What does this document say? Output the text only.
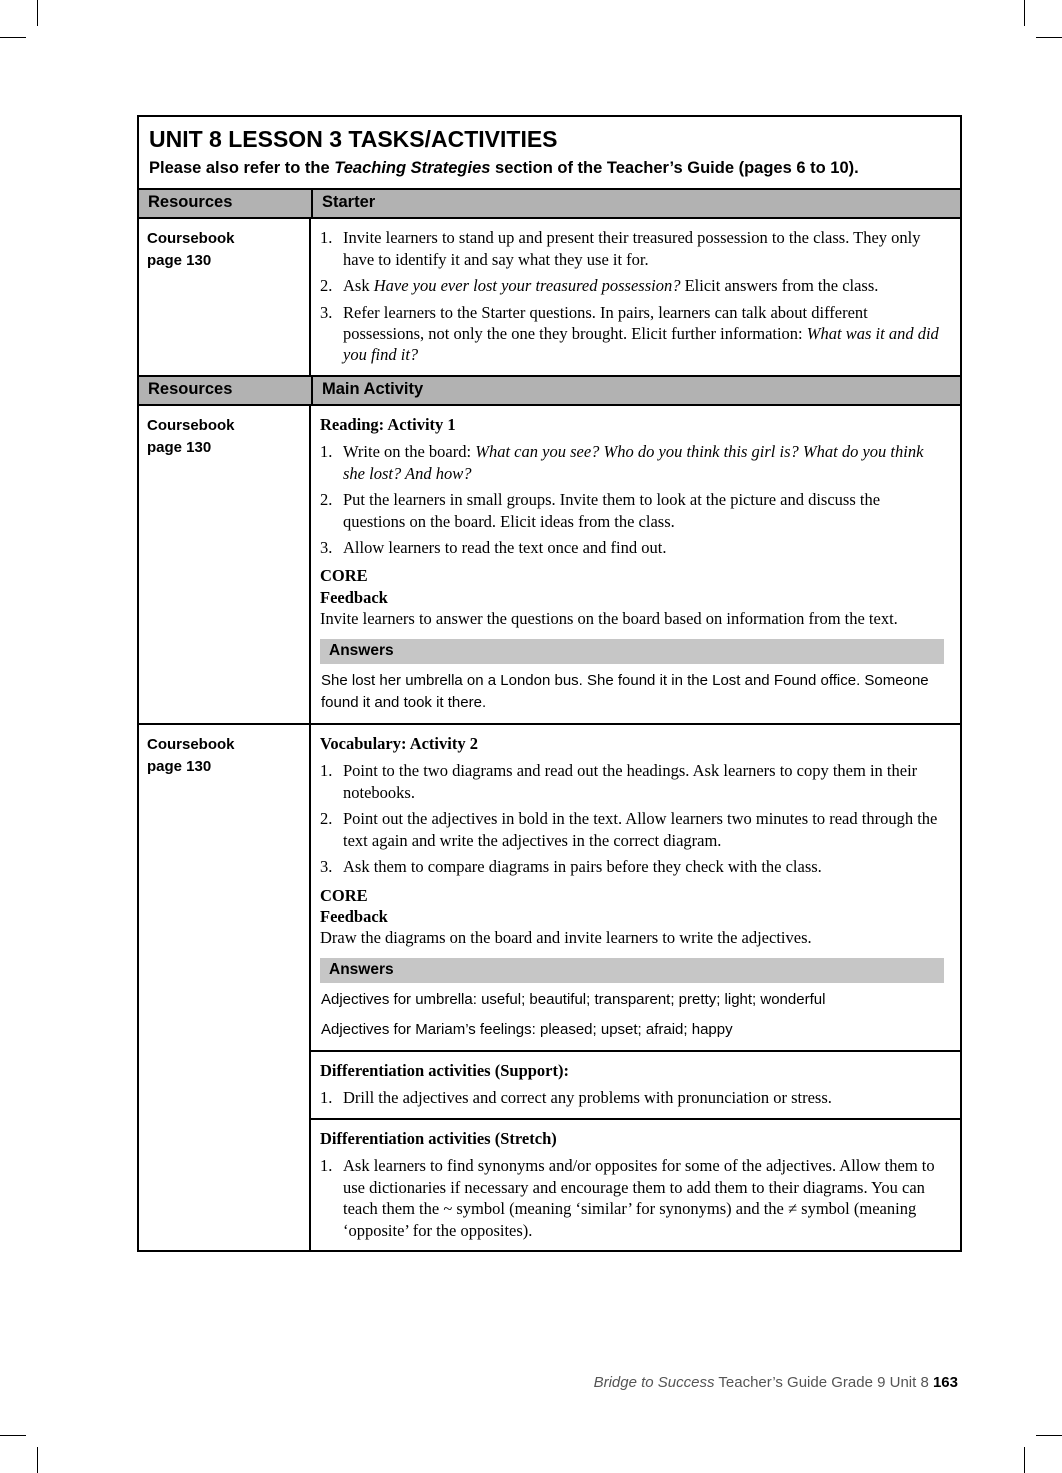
UNIT 8 LESSON 3 TASKS/ACTIVITIES
Please also refer to the Teaching Strategies section of the Teacher’s Guide (pages 6 to 10).
Resources	Starter
Coursebook
page 130
1. Invite learners to stand up and present their treasured possession to the class. They only have to identify it and say what they use it for.
2. Ask Have you ever lost your treasured possession? Elicit answers from the class.
3. Refer learners to the Starter questions. In pairs, learners can talk about different possessions, not only the one they brought. Elicit further information: What was it and did you find it?
Resources	Main Activity
Coursebook
page 130
Reading: Activity 1
1. Write on the board: What can you see? Who do you think this girl is? What do you think she lost? And how?
2. Put the learners in small groups. Invite them to look at the picture and discuss the questions on the board. Elicit ideas from the class.
3. Allow learners to read the text once and find out.
CORE
Feedback
Invite learners to answer the questions on the board based on information from the text.
Answers

She lost her umbrella on a London bus. She found it in the Lost and Found office. Someone found it and took it there.

Coursebook
page 130
Vocabulary: Activity 2
1. Point to the two diagrams and read out the headings. Ask learners to copy them in their notebooks.
2. Point out the adjectives in bold in the text. Allow learners two minutes to read through the text again and write the adjectives in the correct diagram.
3. Ask them to compare diagrams in pairs before they check with the class.
CORE
Feedback
Draw the diagrams on the board and invite learners to write the adjectives.
Answers

Adjectives for umbrella: useful; beautiful; transparent; pretty; light; wonderful

Adjectives for Mariam’s feelings: pleased; upset; afraid; happy

Differentiation activities (Support):
1. Drill the adjectives and correct any problems with pronunciation or stress.
Differentiation activities (Stretch)
1. Ask learners to find synonyms and/or opposites for some of the adjectives. Allow them to use dictionaries if necessary and encourage them to add them to their diagrams. You can teach them the ~ symbol (meaning ‘similar’ for synonyms) and the ≠ symbol (meaning ‘opposite’ for the opposites).
Bridge to Success Teacher’s Guide Grade 9 Unit 8 163
